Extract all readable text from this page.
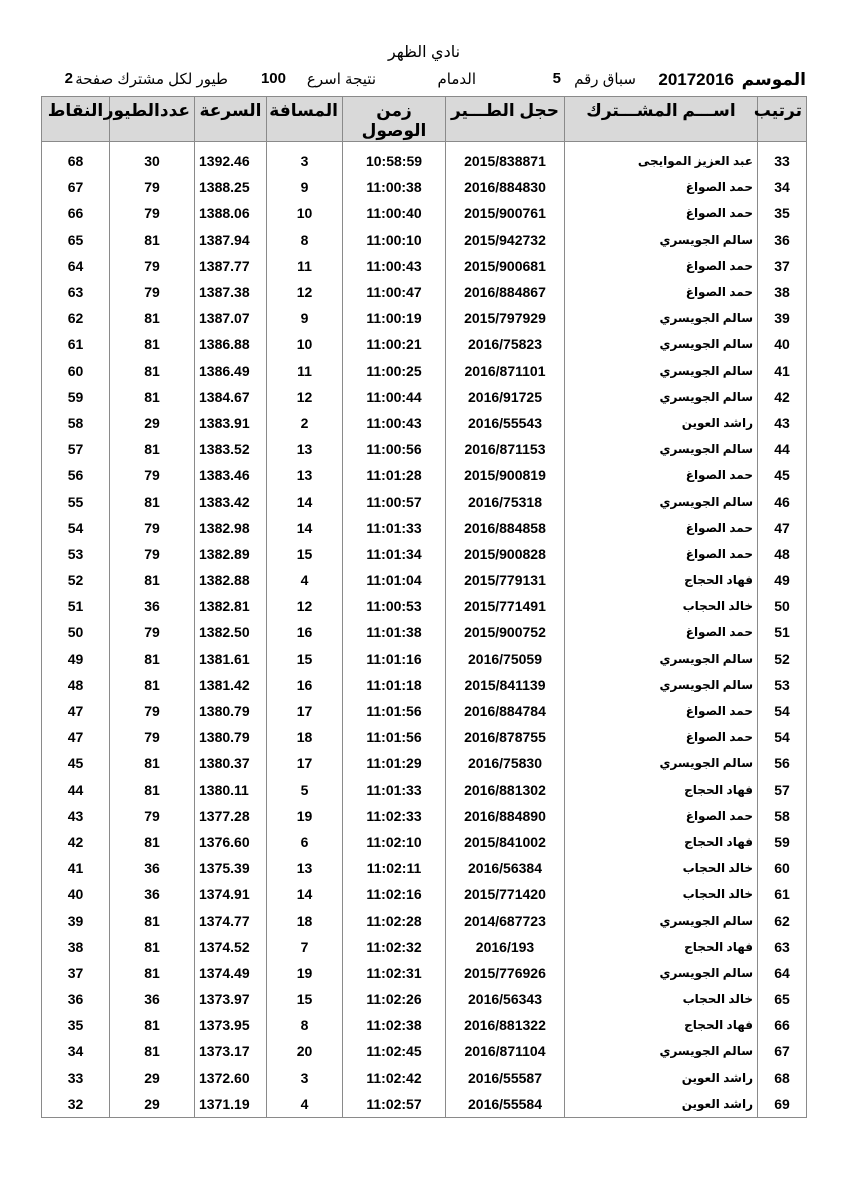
نادي الظهر
الموسم
20172016
سباق رقم
5
الدمام
نتيجة اسرع
100
طيور لكل مشترك صفحة
2
ترتيب	اســـم المشـــترك	حجل الطـــير	زمن الوصول	المسافة	السرعة	عددالطيور	النقاط

33	عبد العزيز الموايجى	2015/838871	10:58:59	3	1392.46	30	68
34	حمد الصواغ	2016/884830	11:00:38	9	1388.25	79	67
35	حمد الصواغ	2015/900761	11:00:40	10	1388.06	79	66
36	سالم الجويسري	2015/942732	11:00:10	8	1387.94	81	65
37	حمد الصواغ	2015/900681	11:00:43	11	1387.77	79	64
38	حمد الصواغ	2016/884867	11:00:47	12	1387.38	79	63
39	سالم الجويسري	2015/797929	11:00:19	9	1387.07	81	62
40	سالم الجويسري	2016/75823	11:00:21	10	1386.88	81	61
41	سالم الجويسري	2016/871101	11:00:25	11	1386.49	81	60
42	سالم الجويسري	2016/91725	11:00:44	12	1384.67	81	59
43	راشد العوين	2016/55543	11:00:43	2	1383.91	29	58
44	سالم الجويسري	2016/871153	11:00:56	13	1383.52	81	57
45	حمد الصواغ	2015/900819	11:01:28	13	1383.46	79	56
46	سالم الجويسري	2016/75318	11:00:57	14	1383.42	81	55
47	حمد الصواغ	2016/884858	11:01:33	14	1382.98	79	54
48	حمد الصواغ	2015/900828	11:01:34	15	1382.89	79	53
49	فهاد الحجاج	2015/779131	11:01:04	4	1382.88	81	52
50	خالد الحجاب	2015/771491	11:00:53	12	1382.81	36	51
51	حمد الصواغ	2015/900752	11:01:38	16	1382.50	79	50
52	سالم الجويسري	2016/75059	11:01:16	15	1381.61	81	49
53	سالم الجويسري	2015/841139	11:01:18	16	1381.42	81	48
54	حمد الصواغ	2016/884784	11:01:56	17	1380.79	79	47
54	حمد الصواغ	2016/878755	11:01:56	18	1380.79	79	47
56	سالم الجويسري	2016/75830	11:01:29	17	1380.37	81	45
57	فهاد الحجاج	2016/881302	11:01:33	5	1380.11	81	44
58	حمد الصواغ	2016/884890	11:02:33	19	1377.28	79	43
59	فهاد الحجاج	2015/841002	11:02:10	6	1376.60	81	42
60	خالد الحجاب	2016/56384	11:02:11	13	1375.39	36	41
61	خالد الحجاب	2015/771420	11:02:16	14	1374.91	36	40
62	سالم الجويسري	2014/687723	11:02:28	18	1374.77	81	39
63	فهاد الحجاج	2016/193	11:02:32	7	1374.52	81	38
64	سالم الجويسري	2015/776926	11:02:31	19	1374.49	81	37
65	خالد الحجاب	2016/56343	11:02:26	15	1373.97	36	36
66	فهاد الحجاج	2016/881322	11:02:38	8	1373.95	81	35
67	سالم الجويسري	2016/871104	11:02:45	20	1373.17	81	34
68	راشد العوين	2016/55587	11:02:42	3	1372.60	29	33
69	راشد العوين	2016/55584	11:02:57	4	1371.19	29	32
